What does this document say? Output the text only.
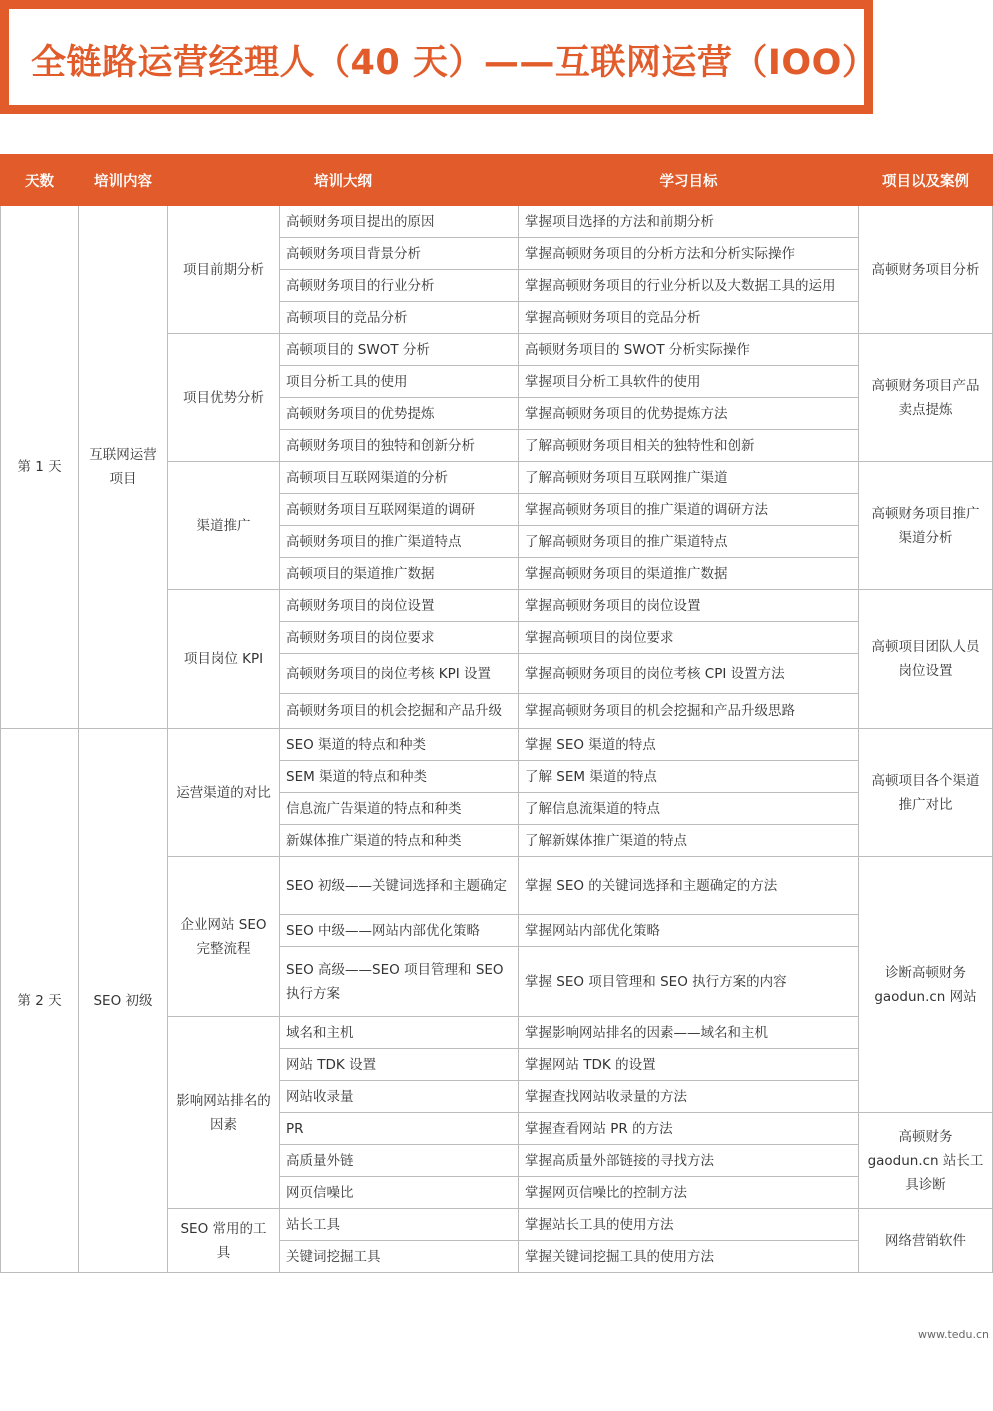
全链路运营经理人（40 天）——互联网运营（IOO）
天数	培训内容	培训大纲		学习目标	项目以及案例
第 1 天	互联网运营项目	项目前期分析	高顿财务项目提出的原因	掌握项目选择的方法和前期分析	高顿财务项目分析
			高顿财务项目背景分析	掌握高顿财务项目的分析方法和分析实际操作	
			高顿财务项目的行业分析	掌握高顿财务项目的行业分析以及大数据工具的运用	
			高顿项目的竞品分析	掌握高顿财务项目的竞品分析	
		项目优势分析	高顿项目的 SWOT 分析	高顿财务项目的 SWOT 分析实际操作	高顿财务项目产品卖点提炼
			项目分析工具的使用	掌握项目分析工具软件的使用	
			高顿财务项目的优势提炼	掌握高顿财务项目的优势提炼方法	
			高顿财务项目的独特和创新分析	了解高顿财务项目相关的独特性和创新	
		渠道推广	高顿项目互联网渠道的分析	了解高顿财务项目互联网推广渠道	高顿财务项目推广渠道分析
			高顿财务项目互联网渠道的调研	掌握高顿财务项目的推广渠道的调研方法	
			高顿财务项目的推广渠道特点	了解高顿财务项目的推广渠道特点	
			高顿项目的渠道推广数据	掌握高顿财务项目的渠道推广数据	
		项目岗位 KPI	高顿财务项目的岗位设置	掌握高顿财务项目的岗位设置	高顿项目团队人员岗位设置
			高顿财务项目的岗位要求	掌握高顿项目的岗位要求	
			高顿财务项目的岗位考核 KPI 设置	掌握高顿财务项目的岗位考核 CPI 设置方法	
			高顿财务项目的机会挖掘和产品升级	掌握高顿财务项目的机会挖掘和产品升级思路	
第 2 天	SEO 初级	运营渠道的对比	SEO 渠道的特点和种类	掌握 SEO 渠道的特点	高顿项目各个渠道推广对比
			SEM 渠道的特点和种类	了解 SEM 渠道的特点	
			信息流广告渠道的特点和种类	了解信息流渠道的特点	
			新媒体推广渠道的特点和种类	了解新媒体推广渠道的特点	
		企业网站 SEO 完整流程	SEO 初级——关键词选择和主题确定	掌握 SEO 的关键词选择和主题确定的方法	诊断高顿财务 gaodun.cn 网站
			SEO 中级——网站内部优化策略	掌握网站内部优化策略	
			SEO 高级——SEO 项目管理和 SEO 执行方案	掌握 SEO 项目管理和 SEO 执行方案的内容	
		影响网站排名的因素	域名和主机	掌握影响网站排名的因素——域名和主机	
			网站 TDK 设置	掌握网站 TDK 的设置	
			网站收录量	掌握查找网站收录量的方法	
			PR	掌握查看网站 PR 的方法	高顿财务 gaodun.cn 站长工具诊断
			高质量外链	掌握高质量外部链接的寻找方法	
			网页信噪比	掌握网页信噪比的控制方法	
		SEO 常用的工具	站长工具	掌握站长工具的使用方法	网络营销软件
			关键词挖掘工具	掌握关键词挖掘工具的使用方法	
www.tedu.cn
